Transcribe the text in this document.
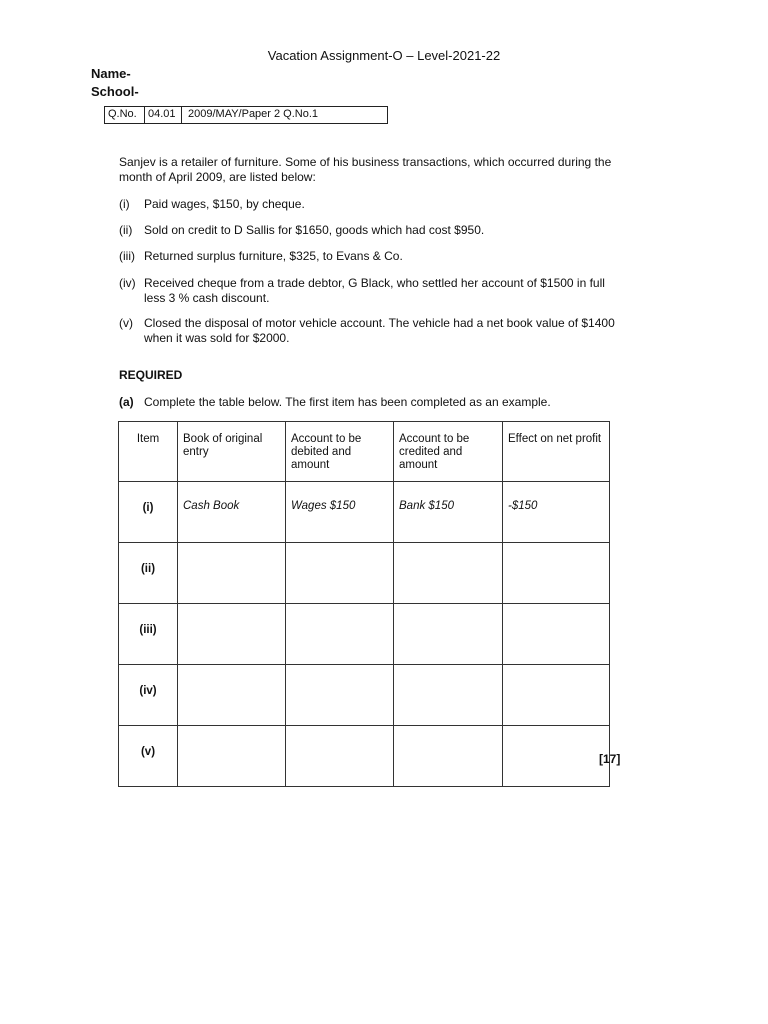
Vacation Assignment-O – Level-2021-22
Name-
School-
Q.No.	04.01	2009/MAY/Paper 2 Q.No.1
Sanjev is a retailer of furniture. Some of his business transactions, which occurred during the month of April 2009, are listed below:
(i)	Paid wages, $150, by cheque.
(ii) Sold on credit to D Sallis for $1650, goods which had cost $950.
(iii) Returned surplus furniture, $325, to Evans & Co.
(iv) Received cheque from a trade debtor, G Black, who settled her account of $1500 in full less 3 % cash discount.
(v) Closed the disposal of motor vehicle account. The vehicle had a net book value of $1400 when it was sold for $2000.
REQUIRED
(a) Complete the table below. The first item has been completed as an example.
Item	Book of original entry	Account to be debited and amount	Account to be credited and amount	Effect on net profit
(i)	Cash Book	Wages $150	Bank $150	-$150
(ii)				
(iii)				
(iv)				
(v)					[17]
